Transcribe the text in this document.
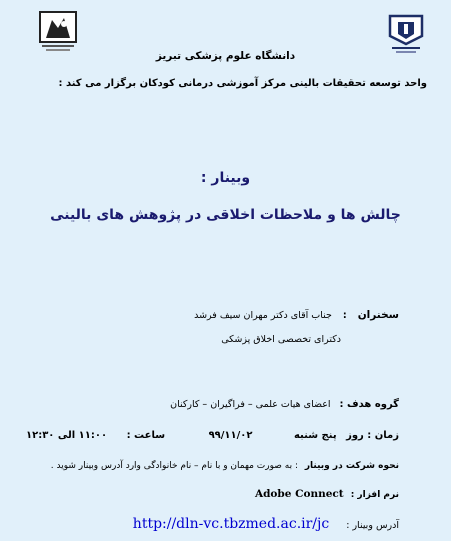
دانشگاه علوم پزشکی تبریز
واحد توسعه تحقیقات بالینی مرکز آموزشی درمانی کودکان برگزار می کند :
وبینار :
چالش ها و ملاحظات اخلاقی در پژوهش های بالینی
سخنران : جناب آقای دکتر مهران سیف فرشد
دکترای تخصصی اخلاق پزشکی
گروه هدف : اعضای هیات علمی – فراگیران – کارکنان
زمان : روز پنج شنبه ۹۹/۱۱/۰۲ ساعت : ۱۱:۰۰ الی ۱۲:۳۰
نحوه شرکت در وبینار : به صورت مهمان و با نام – نام خانوادگی وارد آدرس وبینار شوید .
نرم افزار : Adobe Connect
آدرس وبینار : http://dln-vc.tbzmed.ac.ir/jc
